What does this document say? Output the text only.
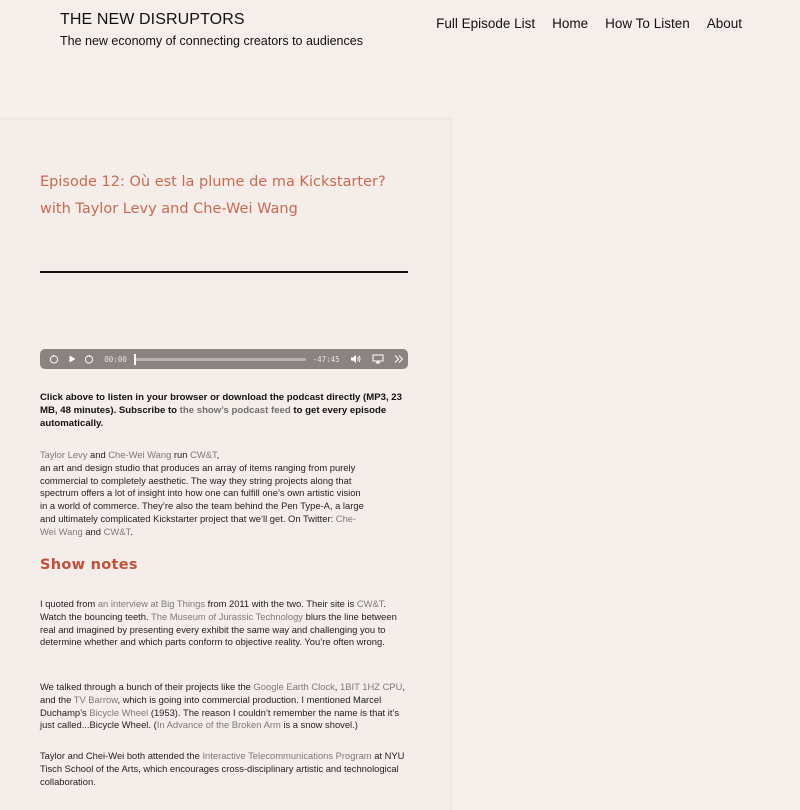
THE NEW DISRUPTORS
The new economy of connecting creators to audiences
Full Episode List Home How To Listen About
Episode 12: Où est la plume de ma Kickstarter? with Taylor Levy and Che-Wei Wang
00:00	-47:45
Click above to listen in your browser or download the podcast directly (MP3, 23 MB, 48 minutes). Subscribe to the show’s podcast feed to get every episode automatically.
Taylor Levy and Che-Wei Wang run CW&T,
an art and design studio that produces an array of items ranging from purely commercial to completely aesthetic. The way they string projects along that spectrum offers a lot of insight into how one can fulfill one’s own artistic vision in a world of commerce. They’re also the team behind the Pen Type-A, a large and ultimately complicated Kickstarter project that we’ll get. On Twitter: Che-Wei Wang and CW&T.
Show notes

I quoted from an interview at Big Things from 2011 with the two. Their site is CW&T. Watch the bouncing teeth. The Museum of Jurassic Technology blurs the line between real and imagined by presenting every exhibit the same way and challenging you to determine whether and which parts conform to objective reality. You’re often wrong.

We talked through a bunch of their projects like the Google Earth Clock, 1BIT 1HZ CPU, and the TV Barrow, which is going into commercial production. I mentioned Marcel Duchamp’s Bicycle Wheel (1953). The reason I couldn’t remember the name is that it’s just called...Bicycle Wheel. (In Advance of the Broken Arm is a snow shovel.)

Taylor and Chei-Wei both attended the Interactive Telecommunications Program at NYU Tisch School of the Arts, which encourages cross-disciplinary artistic and technological collaboration.
